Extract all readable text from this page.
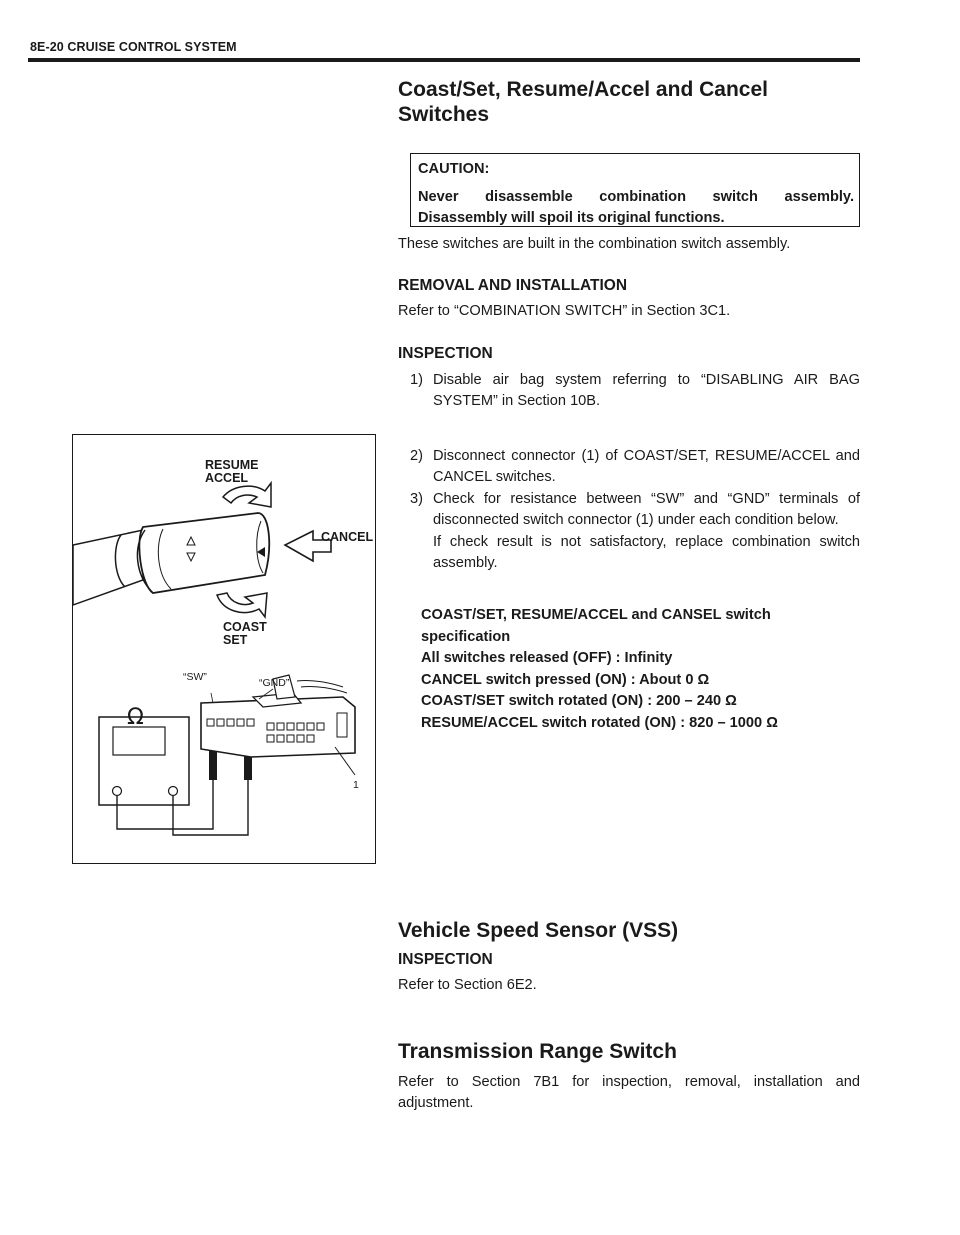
8E-20 CRUISE CONTROL SYSTEM
Coast/Set, Resume/Accel and Cancel
Switches
CAUTION:
Never disassemble combination switch assembly. Disassembly will spoil its original functions.
These switches are built in the combination switch assembly.
REMOVAL AND INSTALLATION
Refer to “COMBINATION SWITCH” in Section 3C1.
INSPECTION
1) Disable air bag system referring to “DISABLING AIR BAG SYSTEM” in Section 10B.
2) Disconnect connector (1) of COAST/SET, RESUME/ACCEL and CANCEL switches.
3) Check for resistance between “SW” and “GND” terminals of disconnected switch connector (1) under each condition below.
If check result is not satisfactory, replace combination switch assembly.
COAST/SET, RESUME/ACCEL and CANSEL switch specification
All switches released (OFF) : Infinity
CANCEL switch pressed (ON) : About 0 Ω
COAST/SET switch rotated (ON) : 200 – 240 Ω
RESUME/ACCEL switch rotated (ON) : 820 – 1000 Ω
RESUME
ACCEL
CANCEL
COAST
SET
“SW”	“GND”
1
Ω
Vehicle Speed Sensor (VSS)
INSPECTION
Refer to Section 6E2.
Transmission Range Switch
Refer to Section 7B1 for inspection, removal, installation and adjustment.
